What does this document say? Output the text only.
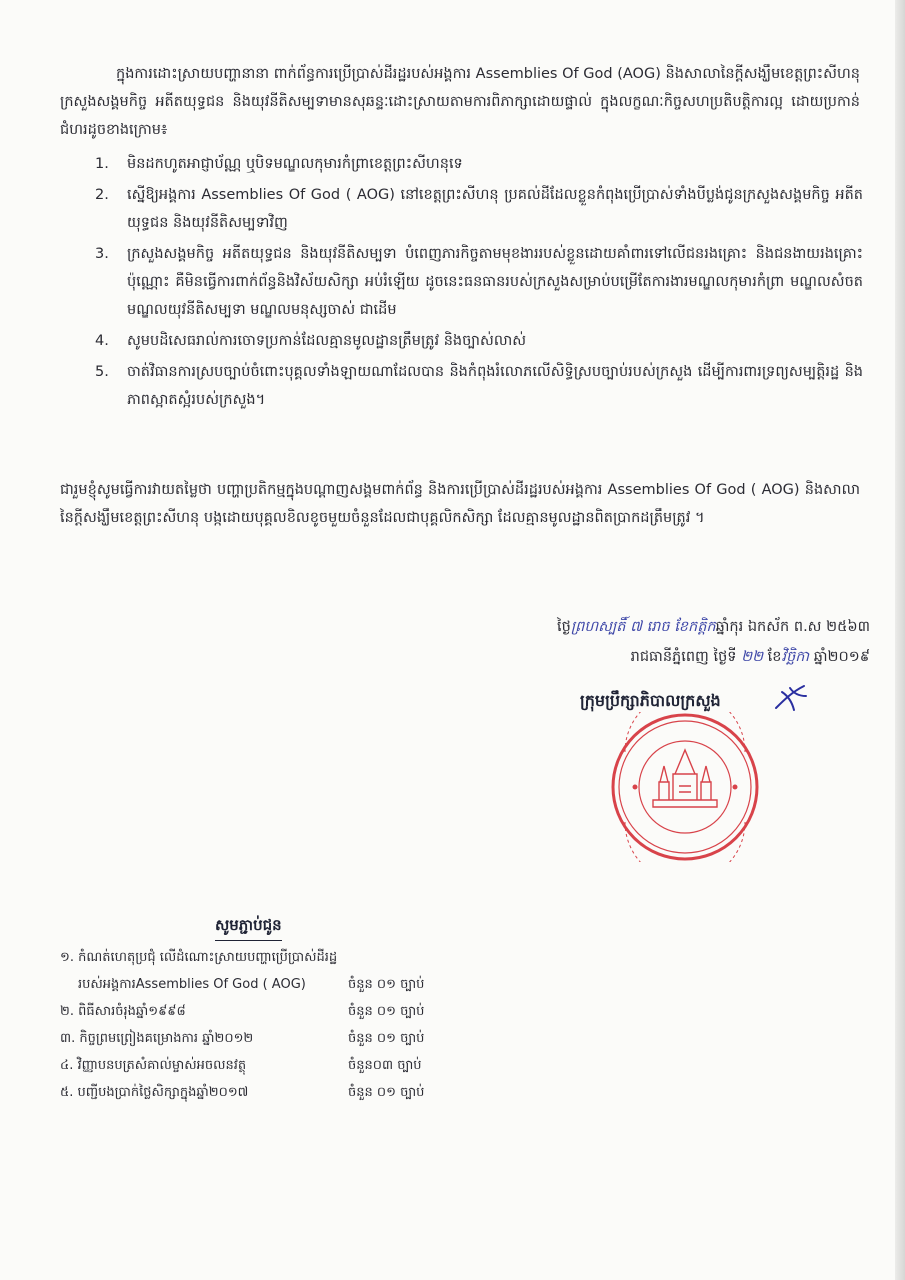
ក្នុងការដោះស្រាយបញ្ហានានា ពាក់ព័ន្ធការប្រើប្រាស់ដីរដ្ឋរបស់អង្គការ Assemblies Of God (AOG) និងសាលានៃក្តីសង្ឃឹមខេត្តព្រះសីហនុ ក្រសួងសង្គមកិច្ច អតីតយុទ្ធជន និងយុវនីតិសម្បទាមានសុឆន្ទៈដោះស្រាយតាមការពិភាក្សាដោយផ្ទាល់ ក្នុងលក្ខណៈកិច្ចសហប្រតិបត្តិការល្អ ដោយប្រកាន់ជំហរដូចខាងក្រោម៖

1. មិនដកហូតអាជ្ញាប័ណ្ណ ឬបិទមណ្ឌលកុមារកំព្រាខេត្តព្រះសីហនុទេ
2. ស្នើឱ្យអង្គការ Assemblies Of God ( AOG) នៅខេត្តព្រះសីហនុ ប្រគល់ដីដែលខ្លួនកំពុងប្រើប្រាស់ទាំងបីប្លង់ជូនក្រសួងសង្គមកិច្ច អតីតយុទ្ធជន និងយុវនីតិសម្បទាវិញ
3. ក្រសួងសង្គមកិច្ច អតីតយុទ្ធជន និងយុវនីតិសម្បទា បំពេញភារកិច្ចតាមមុខងាររបស់ខ្លួនដោយគាំពារទៅលើជនរងគ្រោះ និងជនងាយរងគ្រោះប៉ុណ្ណោះ គឺមិនធ្វើការពាក់ព័ន្ធនិងវិស័យសិក្សា អប់រំឡើយ ដូចនេះធនធានរបស់ក្រសួងសម្រាប់បម្រើតែការងារមណ្ឌលកុមារកំព្រា មណ្ឌលសំចត មណ្ឌលយុវនីតិសម្បទា មណ្ឌលមនុស្សចាស់ ជាដើម
4. សូមបដិសេធរាល់ការចោទប្រកាន់ដែលគ្មានមូលដ្ឋានត្រឹមត្រូវ និងច្បាស់លាស់
5. ចាត់វិធានការស្របច្បាប់ចំពោះបុគ្គលទាំងឡាយណាដែលបាន និងកំពុងរំលោភលើសិទ្ធិស្របច្បាប់របស់ក្រសួង ដើម្បីការពារទ្រព្យសម្បត្តិរដ្ឋ និងភាពស្អាតស្អំរបស់ក្រសួង។

ជារួមខ្ញុំសូមធ្វើការវាយតម្លៃថា បញ្ហាប្រតិកម្មក្នុងបណ្តាញសង្គមពាក់ព័ន្ធ និងការប្រើប្រាស់ដីរដ្ឋរបស់អង្គការ Assemblies Of God ( AOG) និងសាលានៃក្តីសង្ឃឹមខេត្តព្រះសីហនុ បង្កដោយបុគ្គលខិលខូចមួយចំនួនដែលជាបុគ្គលិកសិក្សា ដែលគ្មានមូលដ្ឋានពិតប្រាកដត្រឹមត្រូវ ។

ថ្ងៃព្រហស្បតិ៍ ៧ រោច ខែកត្តិកឆ្នាំកុរ ឯកស័ក ព.ស ២៥៦៣
រាជធានីភ្នំពេញ ថ្ងៃទី ២២ ខែវិច្ឆិកា ឆ្នាំ២០១៩
ក្រុមប្រឹក្សាភិបាលក្រសួង
សូមភ្ជាប់ជូន
១. កំណត់ហេតុប្រជុំ លើដំណោះស្រាយបញ្ហាប្រើប្រាស់ដីរដ្ឋ
របស់អង្គការAssemblies Of God ( AOG)	ចំនួន ០១ ច្បាប់
២. ពិធីសារចំរុងឆ្នាំ១៩៩៨	ចំនួន ០១ ច្បាប់
៣. កិច្ចព្រមព្រៀងគម្រោងការ ឆ្នាំ២០១២	ចំនួន ០១ ច្បាប់
៤. វិញ្ញាបនបត្រសំគាល់ម្ចាស់អចលនវត្ថុ	ចំនួន០៣ ច្បាប់
៥. បញ្ជីបងប្រាក់ថ្លៃសិក្សាក្នុងឆ្នាំ២០១៧	ចំនួន ០១ ច្បាប់
